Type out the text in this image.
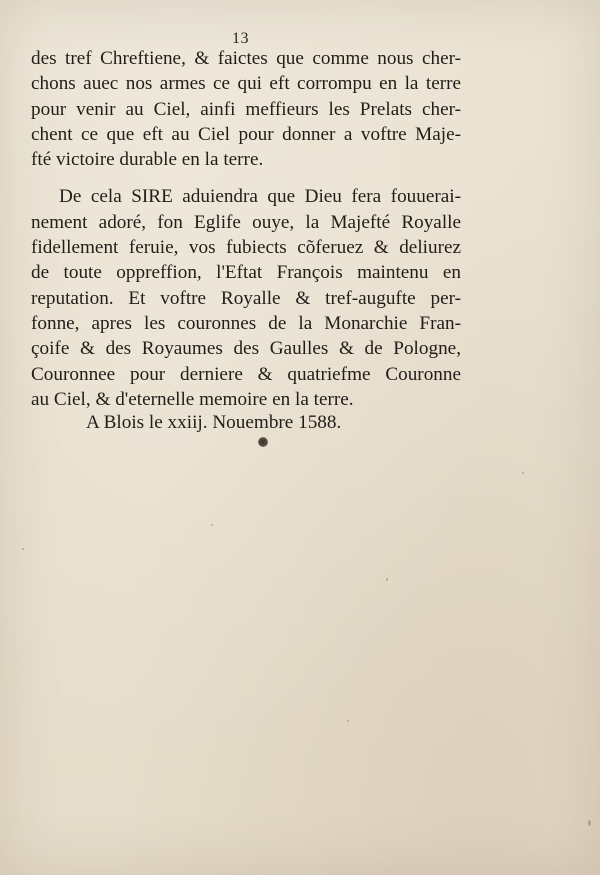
13
des tref Chreftiene, & faictes que comme nous cher-
chons auec nos armes ce qui eft corrompu en la terre
pour venir au Ciel, ainfi meffieurs les Prelats cher-
chent ce que eft au Ciel pour donner a voftre Maje-
fté victoire durable en la terre.
De cela SIRE aduiendra que Dieu fera fouuerai-
nement adoré, fon Eglife ouye, la Majefté Royalle
fidellement feruie, vos fubiects cõferuez & deliurez
de toute oppreffion, l'Eftat François maintenu en
reputation. Et voftre Royalle & tref-augufte per-
fonne, apres les couronnes de la Monarchie Fran-
çoife & des Royaumes des Gaulles & de Pologne,
Couronnee pour derniere & quatriefme Couronne
au Ciel, & d'eternelle memoire en la terre.
A Blois le xxiij. Nouembre 1588.
